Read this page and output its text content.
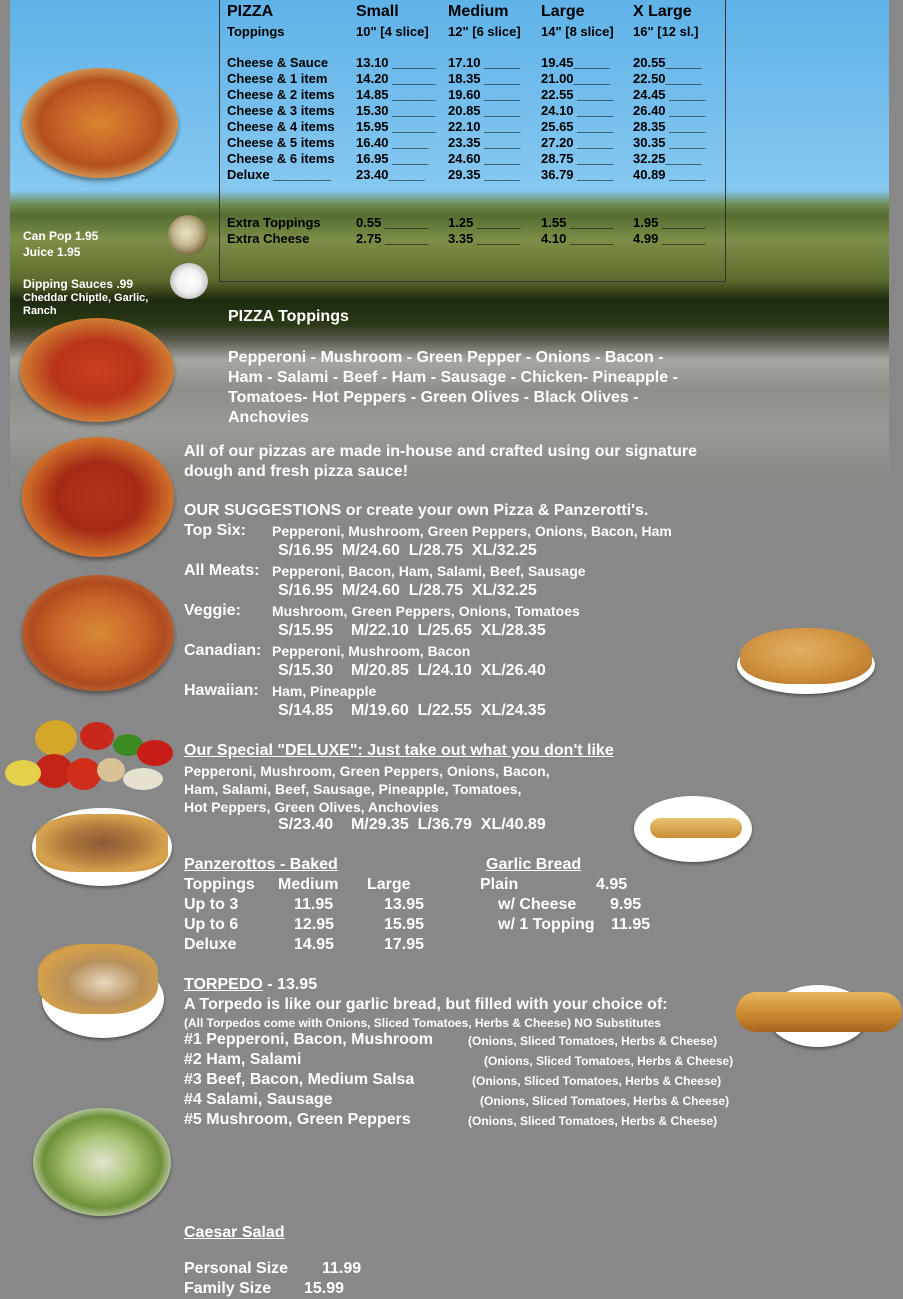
PIZZA	Small	Medium Large	X Large
Toppings	10" [4 slice] 12" [6 slice] 14" [8 slice] 16" [12 sl.]
Cheese & Sauce 13.10 ______ 17.10 _____ 19.45_____ 20.55_____
Cheese & 1 item 14.20 ______ 18.35 _____ 21.00_____ 22.50_____
Cheese & 2 items 14.85 ______ 19.60 _____ 22.55 _____ 24.45 _____
Cheese & 3 items 15.30 ______ 20.85 _____ 24.10 _____ 26.40 _____
Cheese & 4 items 15.95 ______ 22.10 _____ 25.65 _____ 28.35 _____
Cheese & 5 items 16.40 _____ 23.35 _____ 27.20 _____ 30.35 _____
Cheese & 6 items 16.95 _____ 24.60 _____ 28.75 _____ 32.25_____
Deluxe ________ 23.40_____ 29.35 _____ 36.79 _____ 40.89 _____
Extra Toppings	0.55 ______ 1.25 ______ 1.55 ______ 1.95 ______
Extra Cheese	2.75 ______ 3.35 ______ 4.10 ______ 4.99 ______
Can Pop 1.95
Juice 1.95
Dipping Sauces .99
Cheddar Chiptle, Garlic,
Ranch	PIZZA Toppings
Pepperoni - Mushroom - Green Pepper - Onions - Bacon -
Ham - Salami - Beef - Ham - Sausage - Chicken- Pineapple -
Tomatoes- Hot Peppers - Green Olives - Black Olives -
Anchovies
All of our pizzas are made in-house and crafted using our signature
dough and fresh pizza sauce!
OUR SUGGESTIONS or create your own Pizza & Panzerotti's.
Top Six: Pepperoni, Mushroom, Green Peppers, Onions, Bacon, Ham
S/16.95  M/24.60  L/28.75  XL/32.25
All Meats: Pepperoni, Bacon, Ham, Salami, Beef, Sausage
S/16.95  M/24.60  L/28.75  XL/32.25
Veggie: Mushroom, Green Peppers, Onions, Tomatoes
S/15.95    M/22.10  L/25.65  XL/28.35
Canadian: Pepperoni, Mushroom, Bacon
S/15.30    M/20.85  L/24.10  XL/26.40
Hawaiian: Ham, Pineapple
S/14.85    M/19.60  L/22.55  XL/24.35
Our Special "DELUXE": Just take out what you don't like
Pepperoni, Mushroom, Green Peppers, Onions, Bacon,
Ham, Salami, Beef, Sausage, Pineapple, Tomatoes,
Hot Peppers, Green Olives, Anchovies
S/23.40    M/29.35  L/36.79  XL/40.89
Panzerottos - Baked
Toppings Medium Large
Up to 3	11.95	13.95
Up to 6	12.95	15.95
Deluxe	14.95	17.95
Garlic Bread
Plain	4.95
w/ Cheese 9.95
w/ 1 Topping 11.95
TORPEDO - 13.95
A Torpedo is like our garlic bread, but filled with your choice of:
(All Torpedos come with Onions, Sliced Tomatoes, Herbs & Cheese) NO Substitutes
#1 Pepperoni, Bacon, Mushroom	(Onions, Sliced Tomatoes, Herbs & Cheese)
#2 Ham, Salami	(Onions, Sliced Tomatoes, Herbs & Cheese)
#3 Beef, Bacon, Medium Salsa	(Onions, Sliced Tomatoes, Herbs & Cheese)
#4 Salami, Sausage	(Onions, Sliced Tomatoes, Herbs & Cheese)
#5 Mushroom, Green Peppers	(Onions, Sliced Tomatoes, Herbs & Cheese)
Caesar Salad
Personal Size 11.99
Family Size 15.99
